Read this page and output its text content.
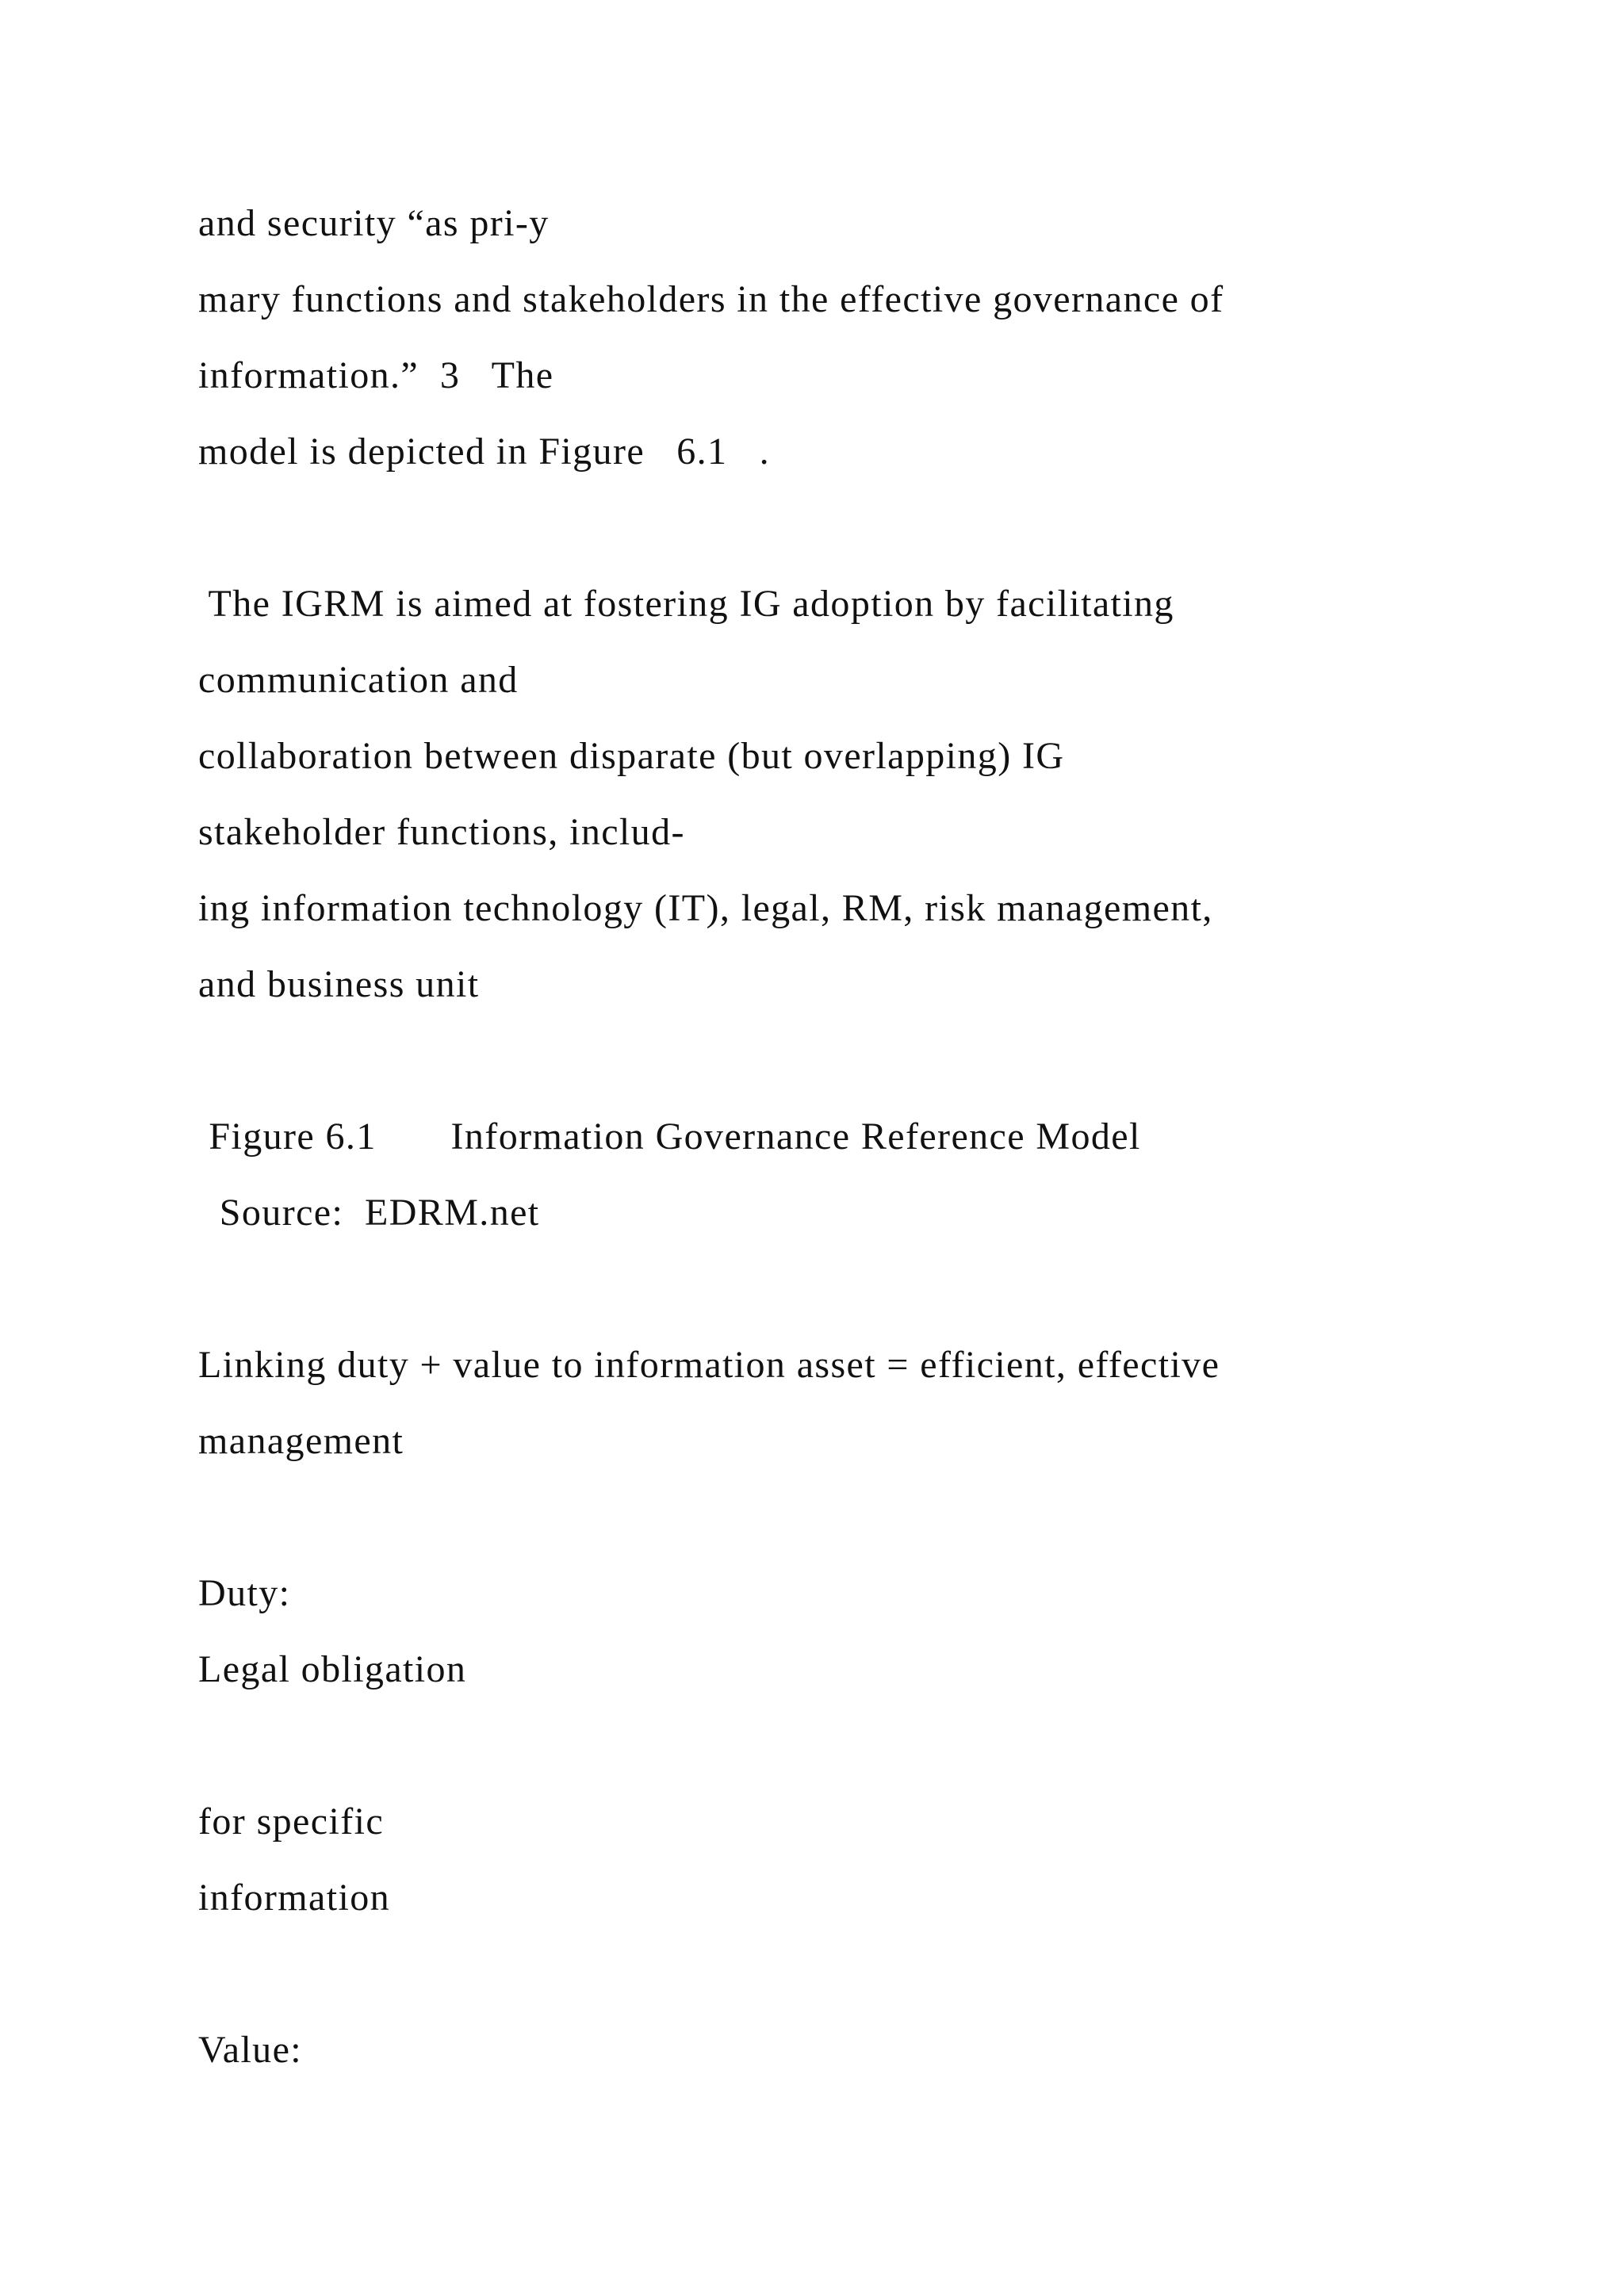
and security “as pri-y
mary functions and stakeholders in the effective governance of
information.”  3   The
model is depicted in Figure   6.1   .
The IGRM is aimed at fostering IG adoption by facilitating
communication and
collaboration between disparate (but overlapping) IG
stakeholder functions, includ-
ing information technology (IT), legal, RM, risk management,
and business unit
Figure 6.1       Information Governance Reference Model
Source:  EDRM.net
Linking duty + value to information asset = efficient, effective
management
Duty:
Legal obligation
for specific
information
Value:
